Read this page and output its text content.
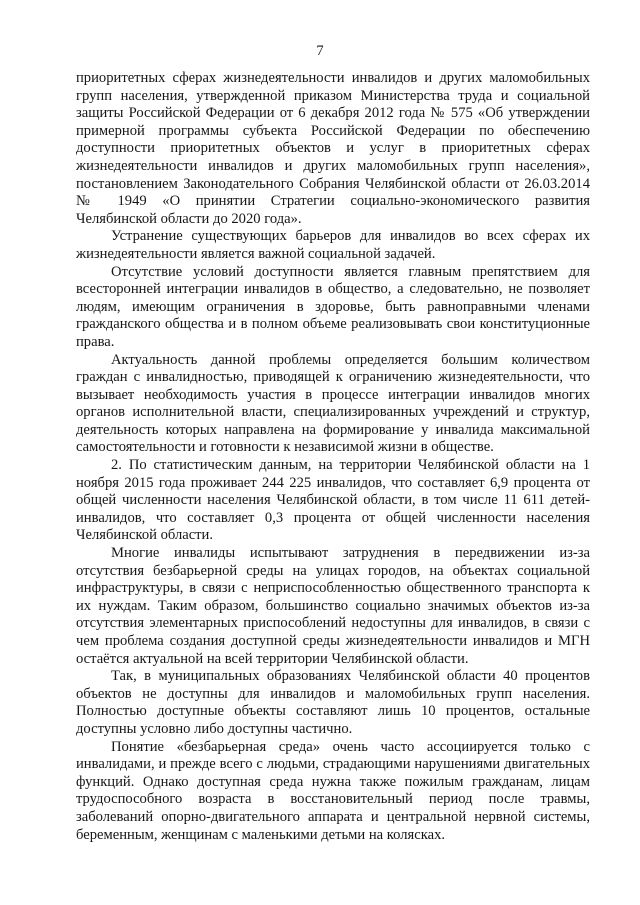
7

приоритетных сферах жизнедеятельности инвалидов и других маломобильных групп населения, утвержденной приказом Министерства труда и социальной защиты Российской Федерации от 6 декабря 2012 года № 575 «Об утверждении примерной программы субъекта Российской Федерации по обеспечению доступности приоритетных объектов и услуг в приоритетных сферах жизнедеятельности инвалидов и других маломобильных групп населения», постановлением Законодательного Собрания Челябинской области от 26.03.2014 № 1949 «О принятии Стратегии социально-экономического развития Челябинской области до 2020 года».

Устранение существующих барьеров для инвалидов во всех сферах их жизнедеятельности является важной социальной задачей.

Отсутствие условий доступности является главным препятствием для всесторонней интеграции инвалидов в общество, а следовательно, не позволяет людям, имеющим ограничения в здоровье, быть равноправными членами гражданского общества и в полном объеме реализовывать свои конституционные права.

Актуальность данной проблемы определяется большим количеством граждан с инвалидностью, приводящей к ограничению жизнедеятельности, что вызывает необходимость участия в процессе интеграции инвалидов многих органов исполнительной власти, специализированных учреждений и структур, деятельность которых направлена на формирование у инвалида максимальной самостоятельности и готовности к независимой жизни в обществе.

2. По статистическим данным, на территории Челябинской области на 1 ноября 2015 года проживает 244 225 инвалидов, что составляет 6,9 процента от общей численности населения Челябинской области, в том числе 11 611 детей-инвалидов, что составляет 0,3 процента от общей численности населения Челябинской области.

Многие инвалиды испытывают затруднения в передвижении из-за отсутствия безбарьерной среды на улицах городов, на объектах социальной инфраструктуры, в связи с неприспособленностью общественного транспорта к их нуждам. Таким образом, большинство социально значимых объектов из-за отсутствия элементарных приспособлений недоступны для инвалидов, в связи с чем проблема создания доступной среды жизнедеятельности инвалидов и МГН остаётся актуальной на всей территории Челябинской области.

Так, в муниципальных образованиях Челябинской области 40 процентов объектов не доступны для инвалидов и маломобильных групп населения. Полностью доступные объекты составляют лишь 10 процентов, остальные доступны условно либо доступны частично.

Понятие «безбарьерная среда» очень часто ассоциируется только с инвалидами, и прежде всего с людьми, страдающими нарушениями двигательных функций. Однако доступная среда нужна также пожилым гражданам, лицам трудоспособного возраста в восстановительный период после травмы, заболеваний опорно-двигательного аппарата и центральной нервной системы, беременным, женщинам с маленькими детьми на колясках.
